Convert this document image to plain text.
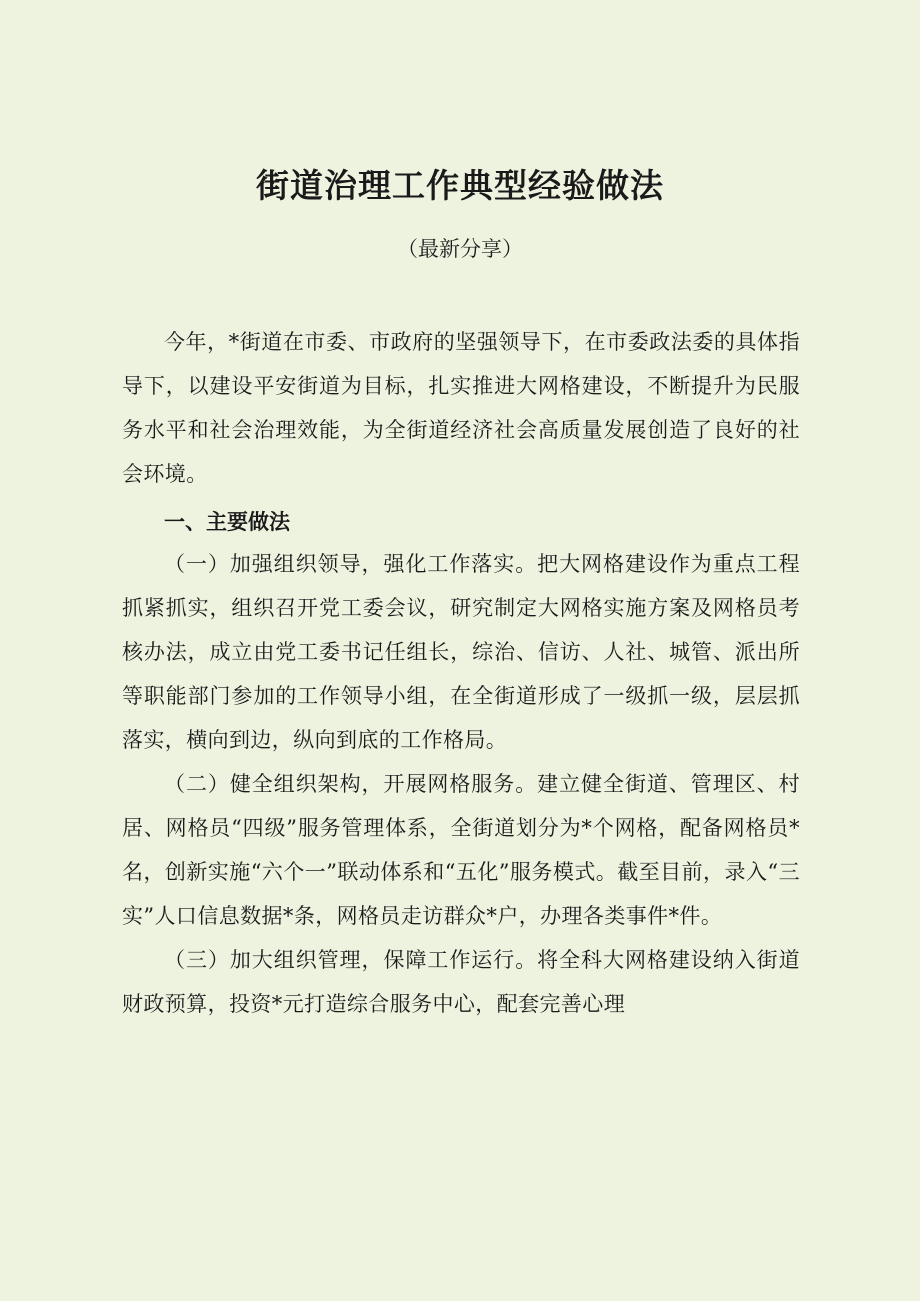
街道治理工作典型经验做法

（最新分享）

今年，*街道在市委、市政府的坚强领导下，在市委政法委的具体指导下，以建设平安街道为目标，扎实推进大网格建设，不断提升为民服务水平和社会治理效能，为全街道经济社会高质量发展创造了良好的社会环境。

一、主要做法

（一）加强组织领导，强化工作落实。把大网格建设作为重点工程抓紧抓实，组织召开党工委会议，研究制定大网格实施方案及网格员考核办法，成立由党工委书记任组长，综治、信访、人社、城管、派出所等职能部门参加的工作领导小组，在全街道形成了一级抓一级，层层抓落实，横向到边，纵向到底的工作格局。

（二）健全组织架构，开展网格服务。建立健全街道、管理区、村居、网格员“四级”服务管理体系，全街道划分为*个网格，配备网格员*名，创新实施“六个一”联动体系和“五化”服务模式。截至目前，录入“三实”人口信息数据*条，网格员走访群众*户，办理各类事件*件。

（三）加大组织管理，保障工作运行。将全科大网格建设纳入街道财政预算，投资*元打造综合服务中心，配套完善心理
